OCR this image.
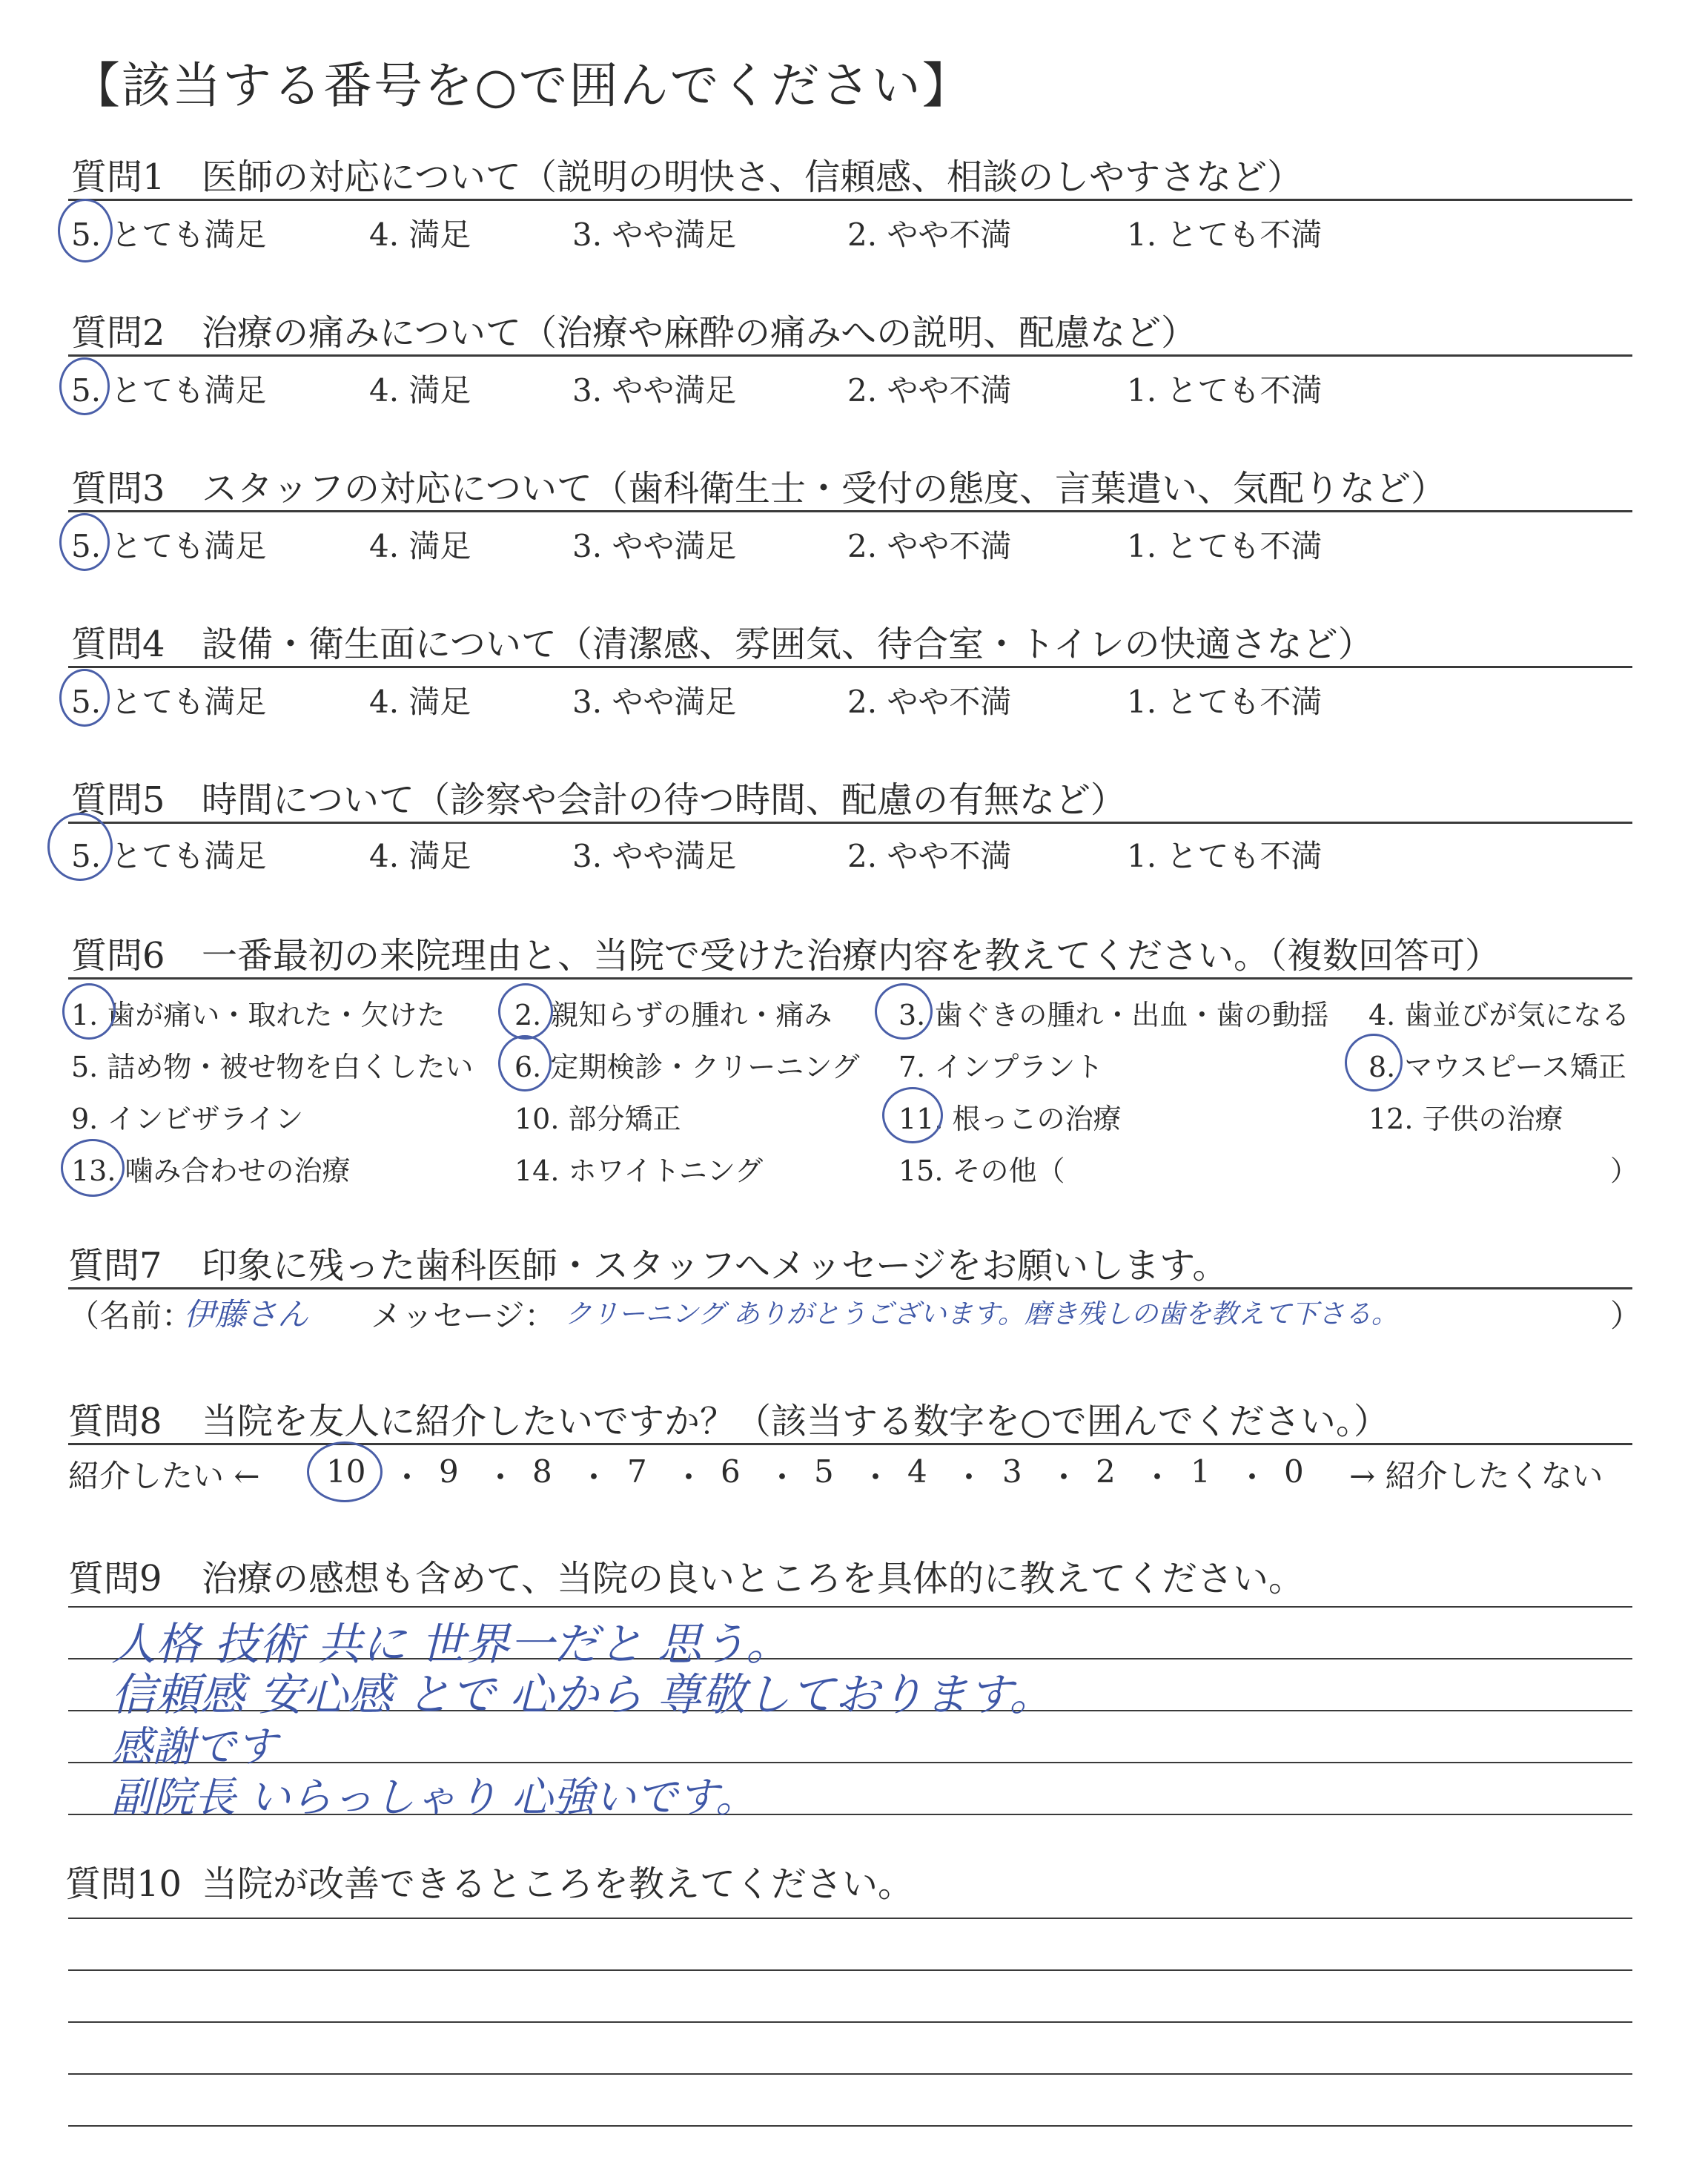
【該当する番号を○で囲んでください】
質問1 医師の対応について（説明の明快さ、信頼感、相談のしやすさなど）
5. とても満足	4. 満足	3. やや満足	2. やや不満	1. とても不満
質問2 治療の痛みについて（治療や麻酔の痛みへの説明、配慮など）
5. とても満足	4. 満足	3. やや満足	2. やや不満	1. とても不満
質問3 スタッフの対応について（歯科衛生士・受付の態度、言葉遣い、気配りなど）
5. とても満足	4. 満足	3. やや満足	2. やや不満	1. とても不満
質問4 設備・衛生面について（清潔感、雰囲気、待合室・トイレの快適さなど）
5. とても満足	4. 満足	3. やや満足	2. やや不満	1. とても不満
質問5 時間について（診察や会計の待つ時間、配慮の有無など）
5. とても満足	4. 満足	3. やや満足	2. やや不満	1. とても不満
質問6 一番最初の来院理由と、当院で受けた治療内容を教えてください。（複数回答可）
1. 歯が痛い・取れた・欠けた 2. 親知らずの腫れ・痛み 3. 歯ぐきの腫れ・出血・歯の動揺 4. 歯並びが気になる
5. 詰め物・被せ物を白くしたい 6. 定期検診・クリーニング 7. インプラント	8. マウスピース矯正
9. インビザライン	10. 部分矯正	11. 根っこの治療	12. 子供の治療
13. 噛み合わせの治療	14. ホワイトニング	15. その他（	）
質問7 印象に残った歯科医師・スタッフへメッセージをお願いします。
（名前：
伊藤さん メッセージ： クリーニング ありがとうございます。磨き残しの歯を教えて下さる。	）
質問8 当院を友人に紹介したいですか？（該当する数字を○で囲んでください。）
紹介したい ← 10 ・ 9 ・ 8 ・ 7 ・ 6 ・ 5 ・ 4 ・ 3 ・ 2 ・ 1 ・ 0 → 紹介したくない
質問9 治療の感想も含めて、当院の良いところを具体的に教えてください。
人格 技術 共に 世界一だと 思う。
信頼感 安心感 とで 心から 尊敬しております。
感謝です
副院長 いらっしゃり 心強いです。
質問10 当院が改善できるところを教えてください。
